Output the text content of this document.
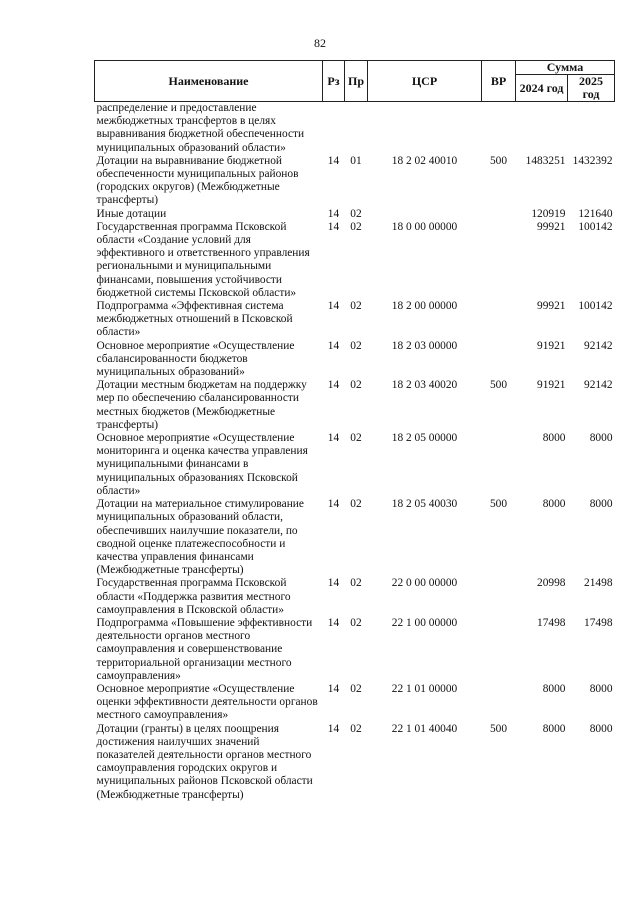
82
Наименование	Рз	Пр	ЦСР	ВР	Сумма	
					2024 год	2025 год
распределение и предоставление межбюджетных трансфертов в целях выравнивания бюджетной обеспеченности муниципальных образований области»						
Дотации на выравнивание бюджетной обеспеченности муниципальных районов (городских округов) (Межбюджетные трансферты)	14	01	18 2 02 40010	500	1483251	1432392
Иные дотации	14	02			120919	121640
Государственная программа Псковской области «Создание условий для эффективного и ответственного управления региональными и муниципальными финансами, повышения устойчивости бюджетной системы Псковской области»	14	02	18 0 00 00000		99921	100142
Подпрограмма «Эффективная система межбюджетных отношений в Псковской области»	14	02	18 2 00 00000		99921	100142
Основное мероприятие «Осуществление сбалансированности бюджетов муниципальных образований»	14	02	18 2 03 00000		91921	92142
Дотации местным бюджетам на поддержку мер по обеспечению сбалансированности местных бюджетов (Межбюджетные трансферты)	14	02	18 2 03 40020	500	91921	92142
Основное мероприятие «Осуществление мониторинга и оценка качества управления муниципальными финансами в муниципальных образованиях Псковской области»	14	02	18 2 05 00000		8000	8000
Дотации на материальное стимулирование муниципальных образований области, обеспечивших наилучшие показатели, по сводной оценке платежеспособности и качества управления финансами (Межбюджетные трансферты)	14	02	18 2 05 40030	500	8000	8000
Государственная программа Псковской области «Поддержка развития местного самоуправления в Псковской области»	14	02	22 0 00 00000		20998	21498
Подпрограмма «Повышение эффективности деятельности органов местного самоуправления и совершенствование территориальной организации местного самоуправления»	14	02	22 1 00 00000		17498	17498
Основное мероприятие «Осуществление оценки эффективности деятельности органов местного самоуправления»	14	02	22 1 01 00000		8000	8000
Дотации (гранты) в целях поощрения достижения наилучших значений показателей деятельности органов местного самоуправления городских округов и муниципальных районов Псковской области (Межбюджетные трансферты)	14	02	22 1 01 40040	500	8000	8000
